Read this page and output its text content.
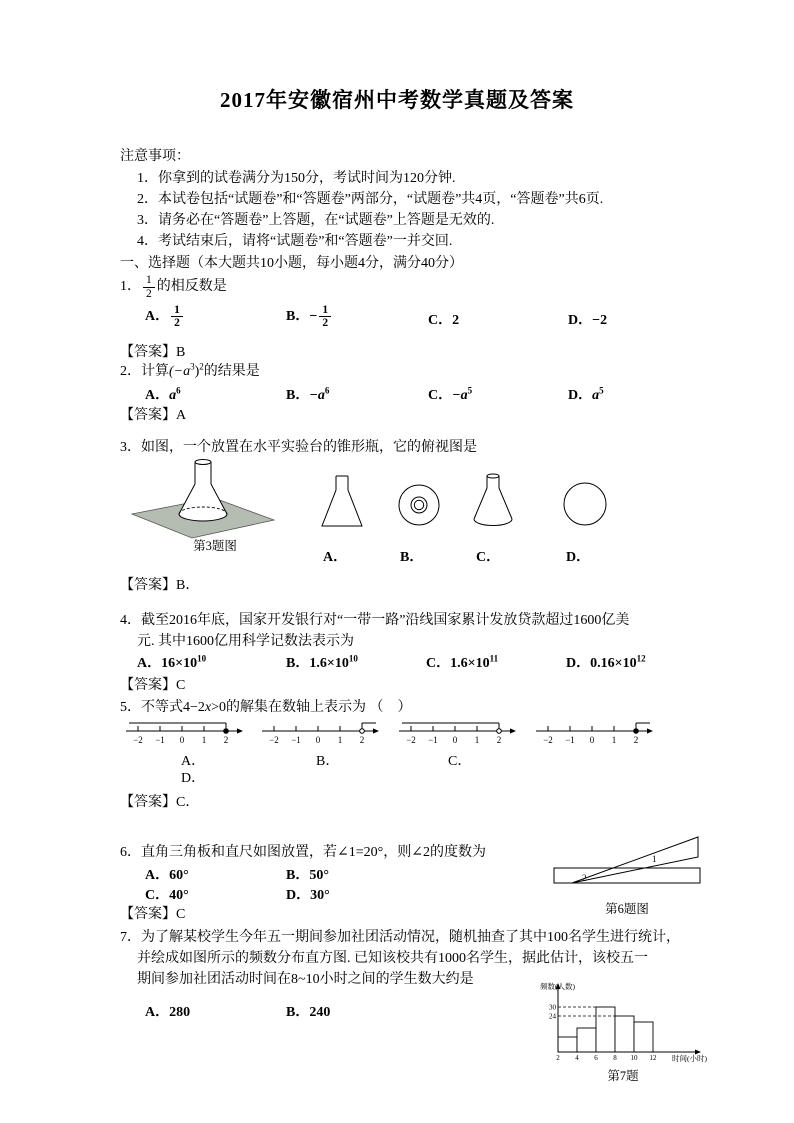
2017年安徽宿州中考数学真题及答案
注意事项：
1．你拿到的试卷满分为150分，考试时间为120分钟.
2．本试卷包括“试题卷”和“答题卷”两部分，“试题卷”共4页，“答题卷”共6页.
3．请务必在“答题卷”上答题，在“试题卷”上答题是无效的.
4．考试结束后，请将“试题卷”和“答题卷”一并交回.
一、选择题（本大题共10小题，每小题4分，满分40分）
1． $\frac{1}{2}$ 的相反数是
A． $\frac{1}{2}$	B．− $\frac{1}{2}$	C．2	D．−2
【答案】B
2．计算$(-a^3)^2$的结果是
A．$a^6$	B．$-a^6$	C．$-a^5$	D．$a^5$
【答案】A
3．如图，一个放置在水平实验台的锥形瓶，它的俯视图是
第3题图
A．	B．	C．	D．
【答案】B．
4．截至2016年底，国家开发银行对“一带一路”沿线国家累计发放贷款超过1600亿美
元. 其中1600亿用科学记数法表示为
A．$16\times 10^{10}$	B．$1.6\times 10^{10}$	C．$1.6\times 10^{11}$	D．$0.16\times 10^{12}$
【答案】C
5．不等式4−2x>0的解集在数轴上表示为 （　）
−2 −1 0 1 2	−2 −1 0 1 2	−2 −1 0 1 2	−2 −1 0 1 2
A．	B．	C．
D．
【答案】C．
6．直角三角板和直尺如图放置，若∠1=20°，则∠2的度数为
A．60°	B．50°
C．40°	D．30°
【答案】C
1
2
第6题图
7．为了解某校学生今年五一期间参加社团活动情况，随机抽查了其中100名学生进行统计，
并绘成如图所示的频数分布直方图. 已知该校共有1000名学生，据此估计，该校五一
期间参加社团活动时间在8~10小时之间的学生数大约是
A．280	B．240
频数(人数)
时间(小时)
2 4 6 8 10 12
30
24
第7题
